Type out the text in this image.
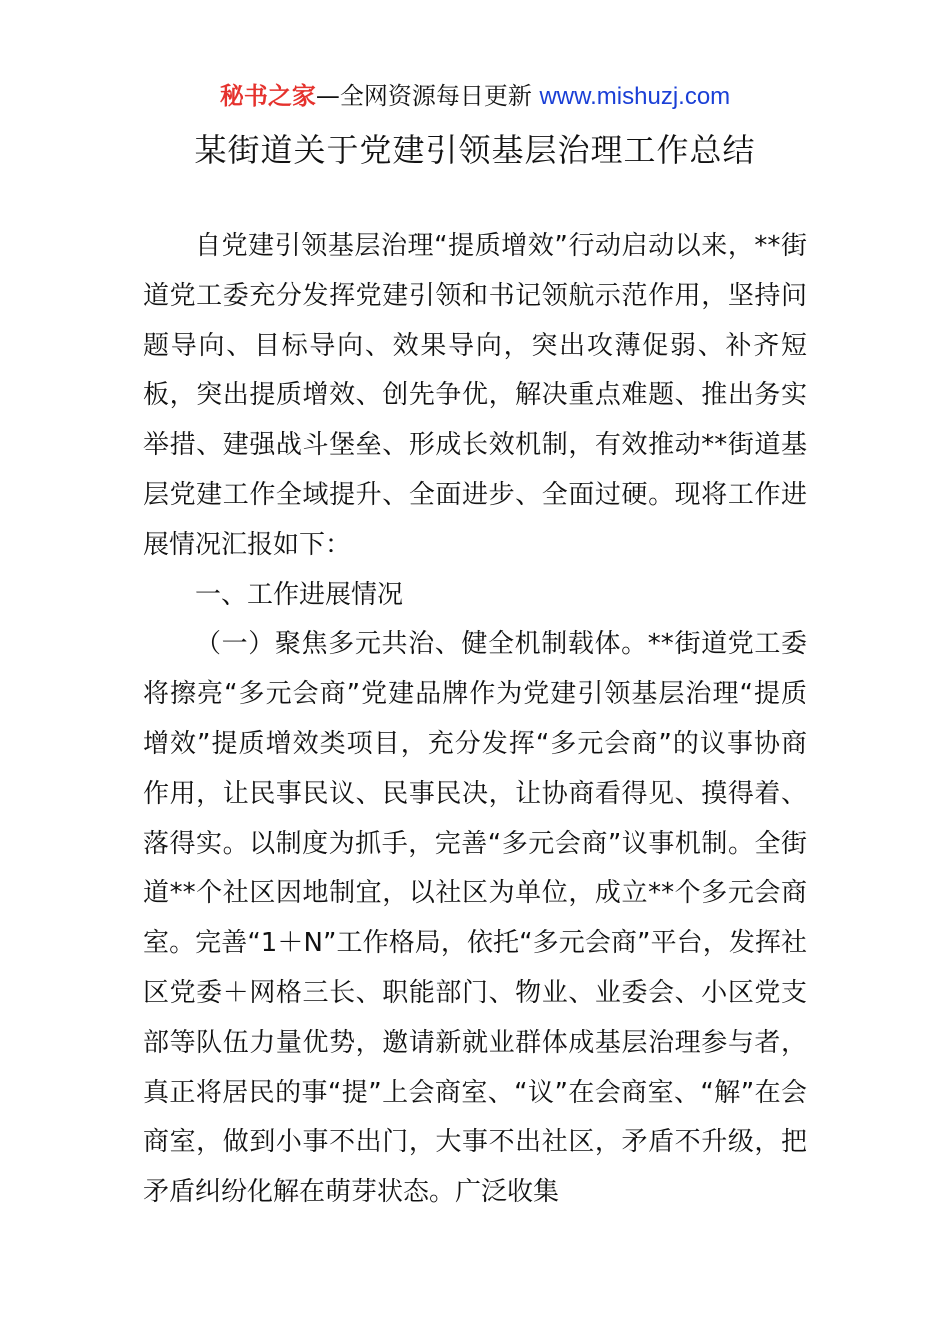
秘书之家—全网资源每日更新 www.mishuzj.com
某街道关于党建引领基层治理工作总结

自党建引领基层治理“提质增效”行动启动以来，**街道党工委充分发挥党建引领和书记领航示范作用，坚持问题导向、目标导向、效果导向，突出攻薄促弱、补齐短板，突出提质增效、创先争优，解决重点难题、推出务实举措、建强战斗堡垒、形成长效机制，有效推动**街道基层党建工作全域提升、全面进步、全面过硬。现将工作进展情况汇报如下：

一、工作进展情况

（一）聚焦多元共治、健全机制载体。**街道党工委将擦亮“多元会商”党建品牌作为党建引领基层治理“提质增效”提质增效类项目，充分发挥“多元会商”的议事协商作用，让民事民议、民事民决，让协商看得见、摸得着、落得实。以制度为抓手，完善“多元会商”议事机制。全街道**个社区因地制宜，以社区为单位，成立**个多元会商室。完善“1＋N”工作格局，依托“多元会商”平台，发挥社区党委＋网格三长、职能部门、物业、业委会、小区党支部等队伍力量优势，邀请新就业群体成基层治理参与者，真正将居民的事“提”上会商室、“议”在会商室、“解”在会商室，做到小事不出门，大事不出社区，矛盾不升级，把矛盾纠纷化解在萌芽状态。广泛收集
